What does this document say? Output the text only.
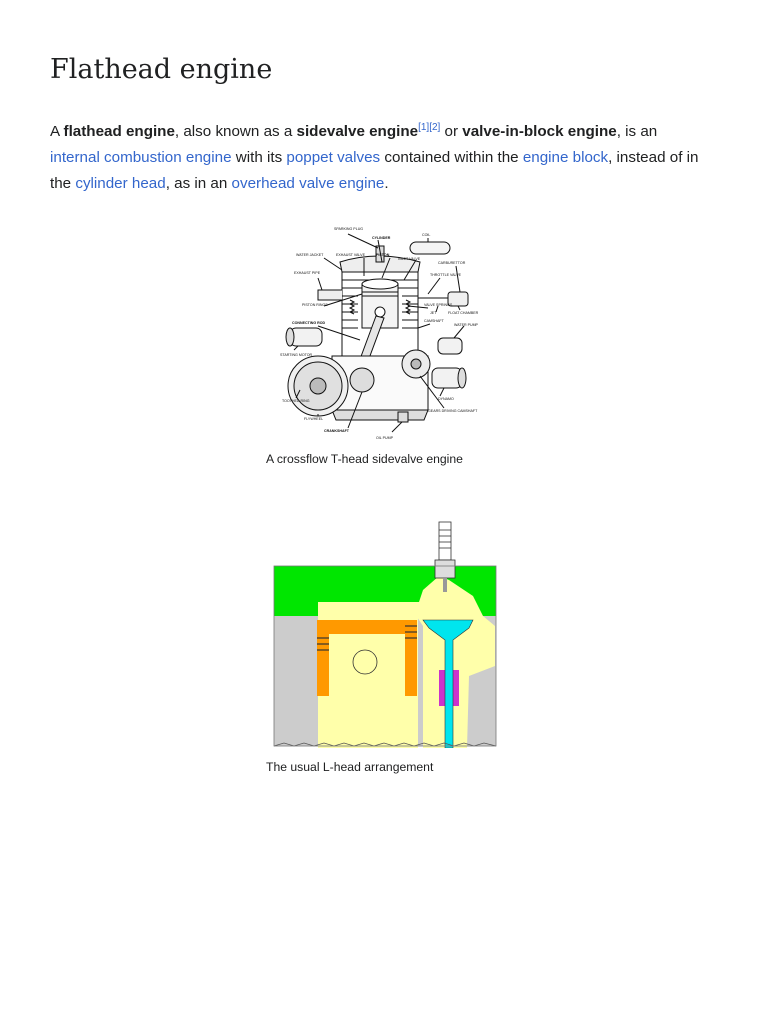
Flathead engine

A flathead engine, also known as a sidevalve engine[1][2] or valve-in-block engine, is an internal combustion engine with its poppet valves contained within the engine block, instead of in the cylinder head, as in an overhead valve engine.

SPARKING PLUG
CYLINDER
COIL
WATER JACKET	EXHAUST VALVE	PISTON
INLET VALVE
CARBURETTOR
EXHAUST PIPE	THROTTLE VALVE
PISTON RINGS	VALVE SPRINGS
JET	FLOAT CHAMBER
CONNECTING ROD	CAMSHAFT
WATER PUMP
STARTING MOTOR
DYNAMO
TOOTHED RING
GEARS DRIVING CAMSHAFT
FLYWHEEL
CRANKSHAFT
OIL PUMP

A crossflow T-head sidevalve engine

The usual L-head arrangement
